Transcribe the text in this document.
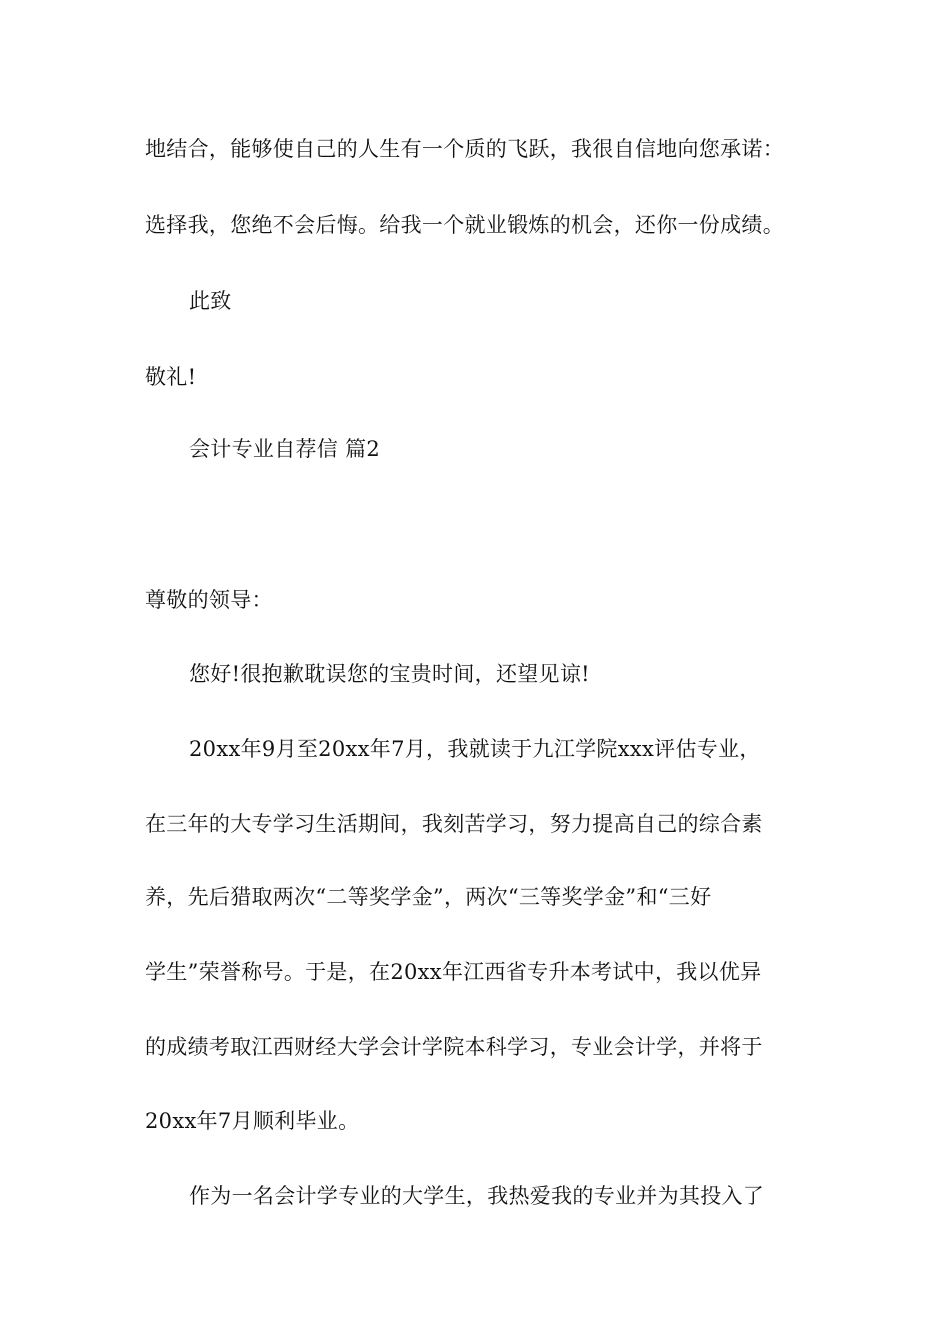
地结合，能够使自己的人生有一个质的飞跃，我很自信地向您承诺：
选择我，您绝不会后悔。给我一个就业锻炼的机会，还你一份成绩。
此致
敬礼!
会计专业自荐信 篇2
尊敬的领导：
您好!很抱歉耽误您的宝贵时间，还望见谅!
20xx年9月至20xx年7月，我就读于九江学院xxx评估专业，
在三年的大专学习生活期间，我刻苦学习，努力提高自己的综合素
养，先后猎取两次“二等奖学金”，两次“三等奖学金”和“三好
学生”荣誉称号。于是，在20xx年江西省专升本考试中，我以优异
的成绩考取江西财经大学会计学院本科学习，专业会计学，并将于
20xx年7月顺利毕业。
作为一名会计学专业的大学生，我热爱我的专业并为其投入了
